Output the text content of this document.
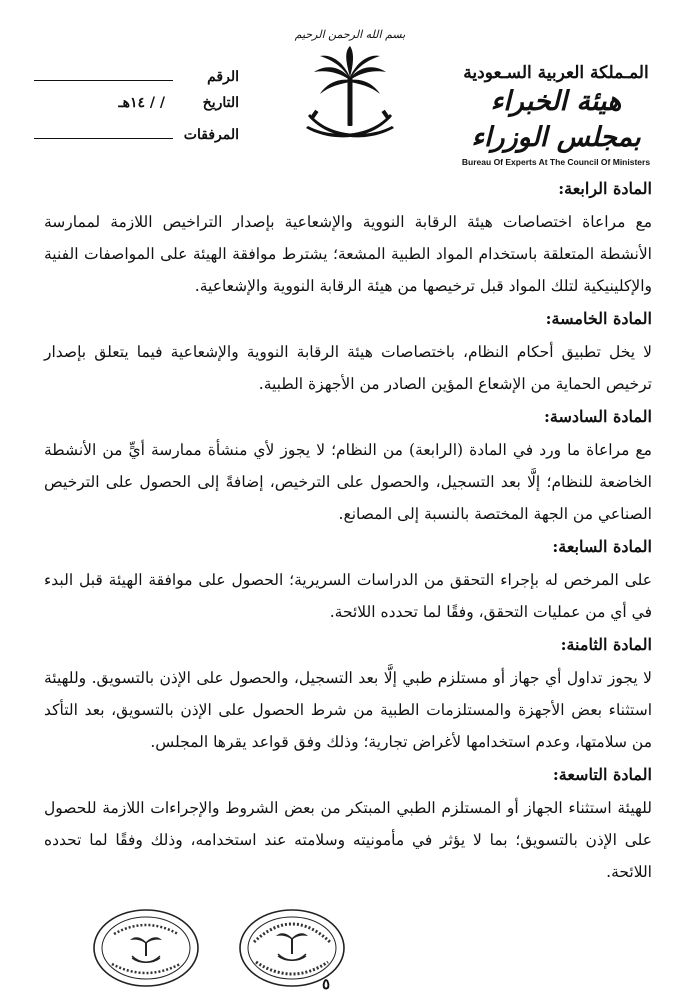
المـملكة العربية السـعودية
هيئة الخبراء بمجلس الوزراء
Bureau Of Experts At The Council Of Ministers
بسم الله الرحمن الرحيم
الرقم
التاريخ
/ / ١٤هـ
المرفقات

المادة الرابعة:

مع مراعاة اختصاصات هيئة الرقابة النووية والإشعاعية بإصدار التراخيص اللازمة لممارسة الأنشطة المتعلقة باستخدام المواد الطبية المشعة؛ يشترط موافقة الهيئة على المواصفات الفنية والإكلينيكية لتلك المواد قبل ترخيصها من هيئة الرقابة النووية والإشعاعية.

المادة الخامسة:

لا يخل تطبيق أحكام النظام، باختصاصات هيئة الرقابة النووية والإشعاعية فيما يتعلق بإصدار ترخيص الحماية من الإشعاع المؤين الصادر من الأجهزة الطبية.

المادة السادسة:

مع مراعاة ما ورد في المادة (الرابعة) من النظام؛ لا يجوز لأي منشأة ممارسة أيٍّ من الأنشطة الخاضعة للنظام؛ إلَّا بعد التسجيل، والحصول على الترخيص، إضافةً إلى الحصول على الترخيص الصناعي من الجهة المختصة بالنسبة إلى المصانع.

المادة السابعة:

على المرخص له بإجراء التحقق من الدراسات السريرية؛ الحصول على موافقة الهيئة قبل البدء في أي من عمليات التحقق، وفقًا لما تحدده اللائحة.

المادة الثامنة:

لا يجوز تداول أي جهاز أو مستلزم طبي إلَّا بعد التسجيل، والحصول على الإذن بالتسويق. وللهيئة استثناء بعض الأجهزة والمستلزمات الطبية من شرط الحصول على الإذن بالتسويق، بعد التأكد من سلامتها، وعدم استخدامها لأغراض تجارية؛ وذلك وفق قواعد يقرها المجلس.

المادة التاسعة:

للهيئة استثناء الجهاز أو المستلزم الطبي المبتكر من بعض الشروط والإجراءات اللازمة للحصول على الإذن بالتسويق؛ بما لا يؤثر في مأمونيته وسلامته عند استخدامه، وذلك وفقًا لما تحدده اللائحة.

٥
